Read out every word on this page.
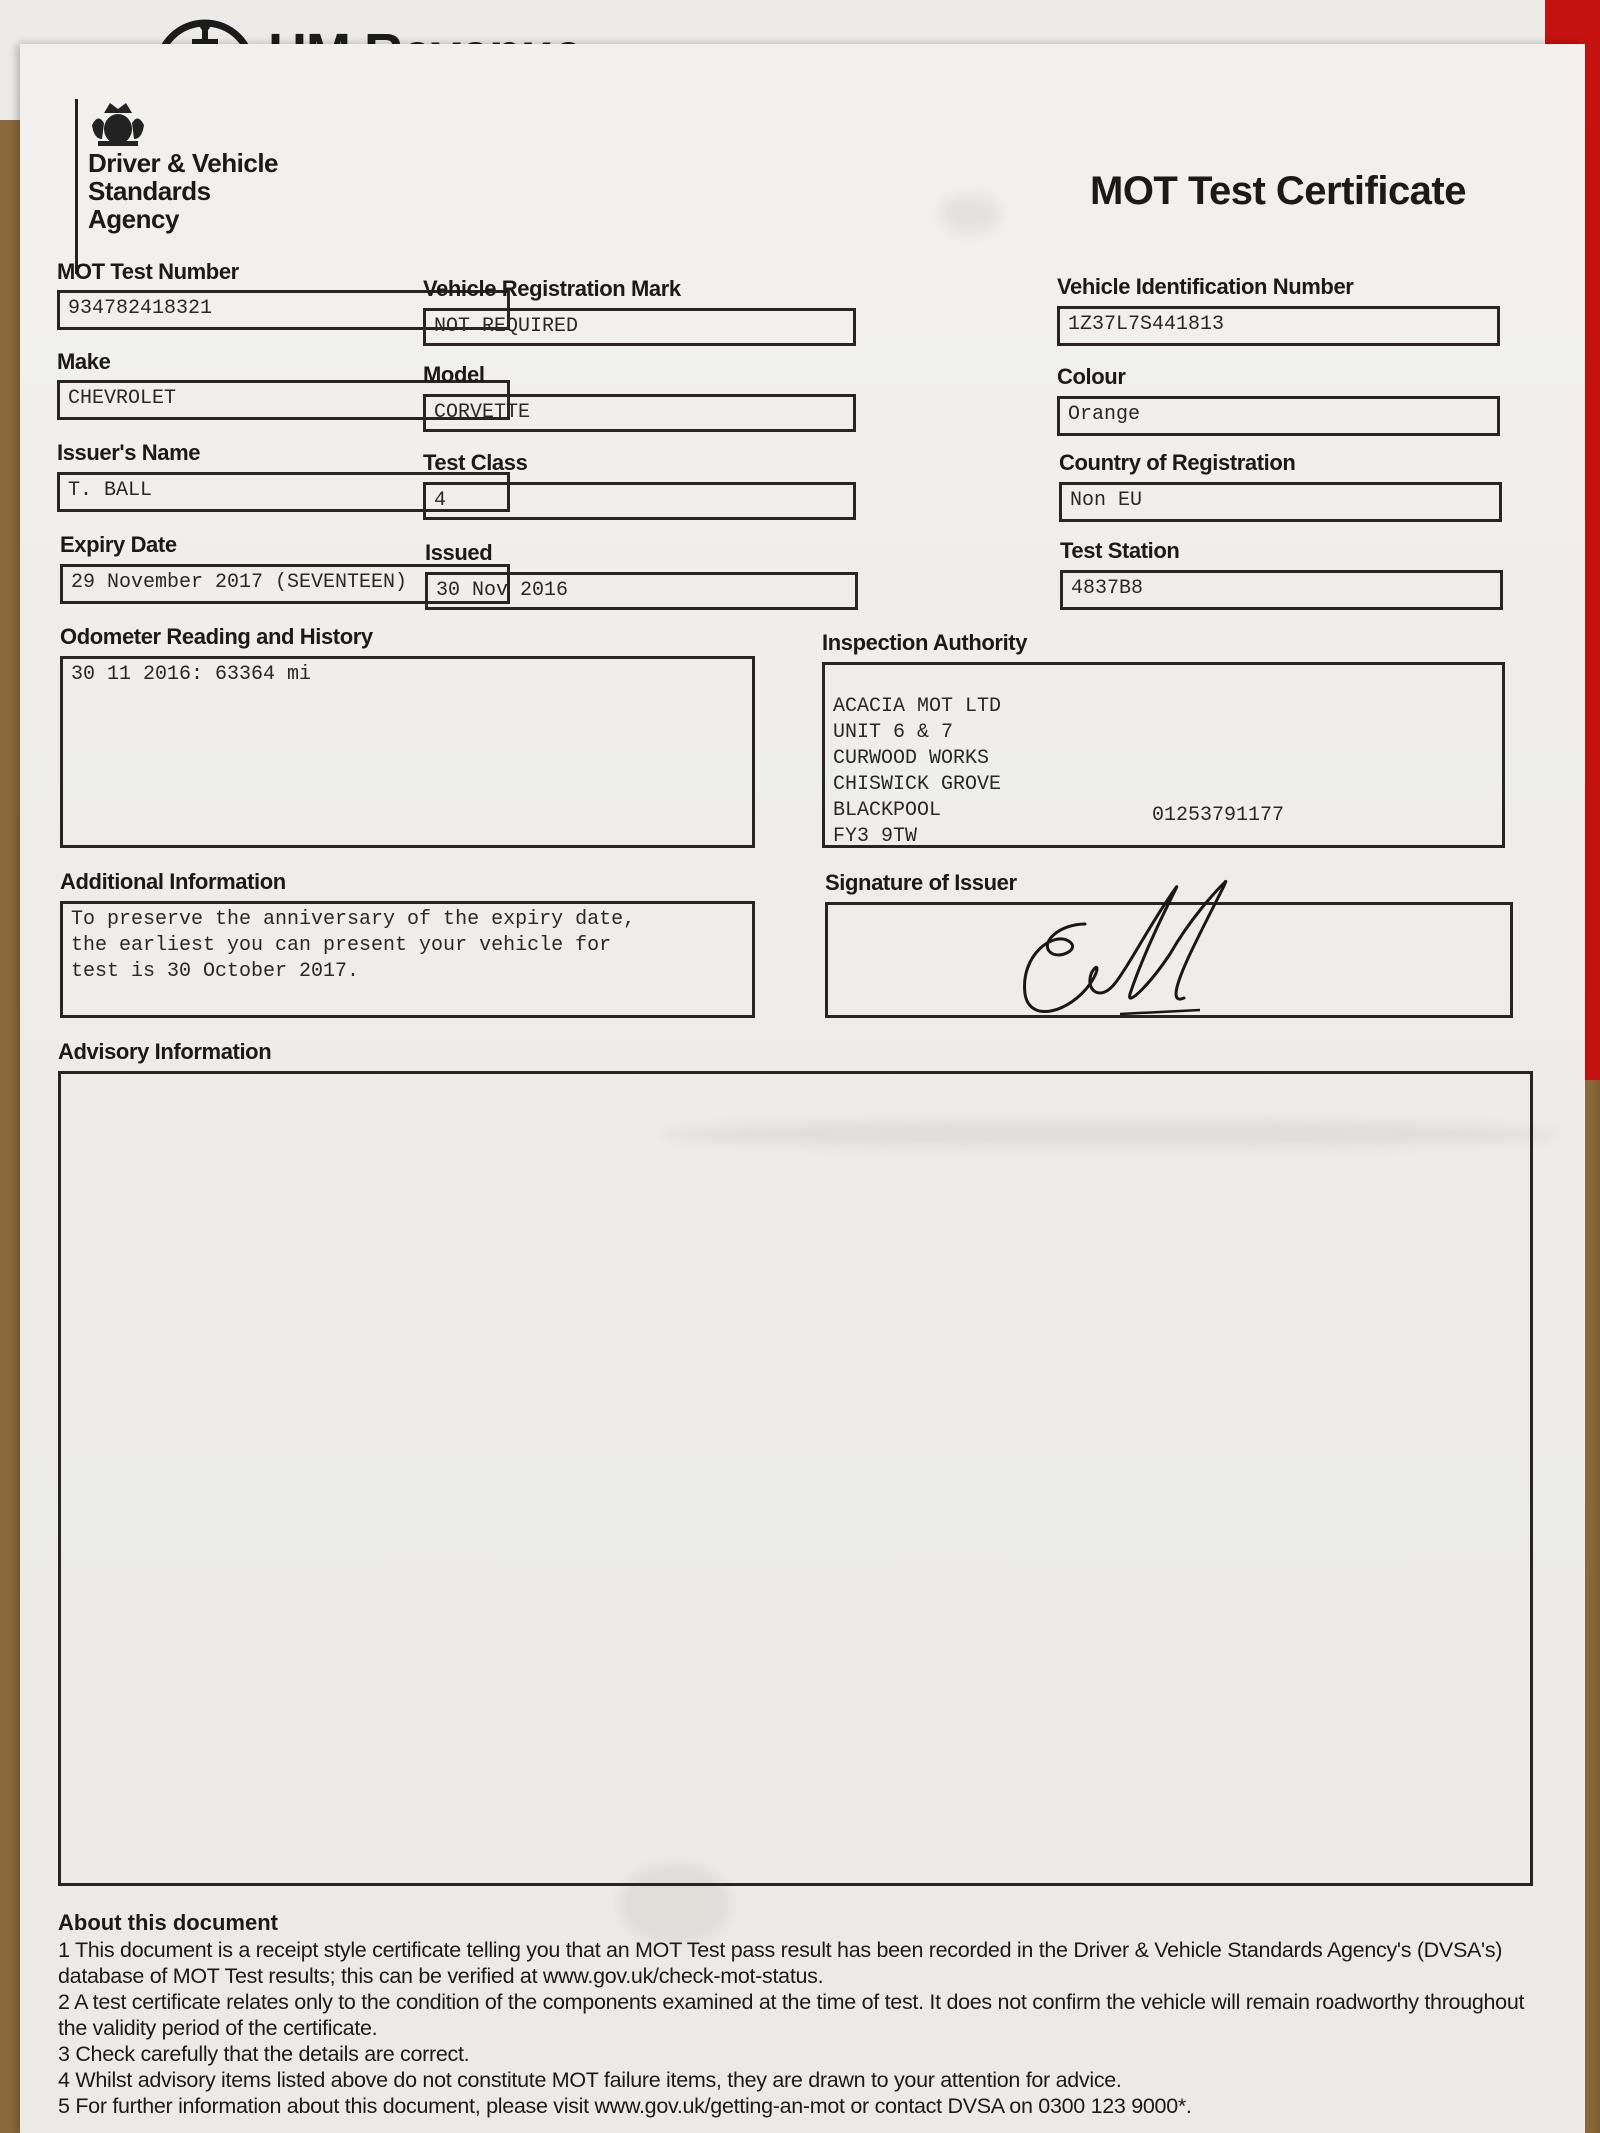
Driver & Vehicle
Standards
Agency
MOT Test Certificate
MOT Test Number
934782418321
Vehicle Registration Mark
NOT REQUIRED
Vehicle Identification Number
1Z37L7S441813
Make
CHEVROLET
Model
CORVETTE
Colour
Orange
Issuer's Name
T. BALL
Test Class
4
Country of Registration
Non EU
Expiry Date
29 November 2017 (SEVENTEEN)
Issued
30 Nov 2016
Test Station
4837B8
Odometer Reading and History
30 11 2016: 63364 mi
Inspection Authority

ACACIA MOT LTD
UNIT 6 & 7
CURWOOD WORKS
CHISWICK GROVE
BLACKPOOL
FY3 9TW

01253791177

Additional Information
To preserve the anniversary of the expiry date,
the earliest you can present your vehicle for
test is 30 October 2017.
Signature of Issuer
Advisory Information
About this document
1 This document is a receipt style certificate telling you that an MOT Test pass result has been recorded in the Driver & Vehicle Standards Agency's (DVSA's) database of MOT Test results; this can be verified at www.gov.uk/check-mot-status.
2 A test certificate relates only to the condition of the components examined at the time of test. It does not confirm the vehicle will remain roadworthy throughout the validity period of the certificate.
3 Check carefully that the details are correct.
4 Whilst advisory items listed above do not constitute MOT failure items, they are drawn to your attention for advice.
5 For further information about this document, please visit www.gov.uk/getting-an-mot or contact DVSA on 0300 123 9000*.
